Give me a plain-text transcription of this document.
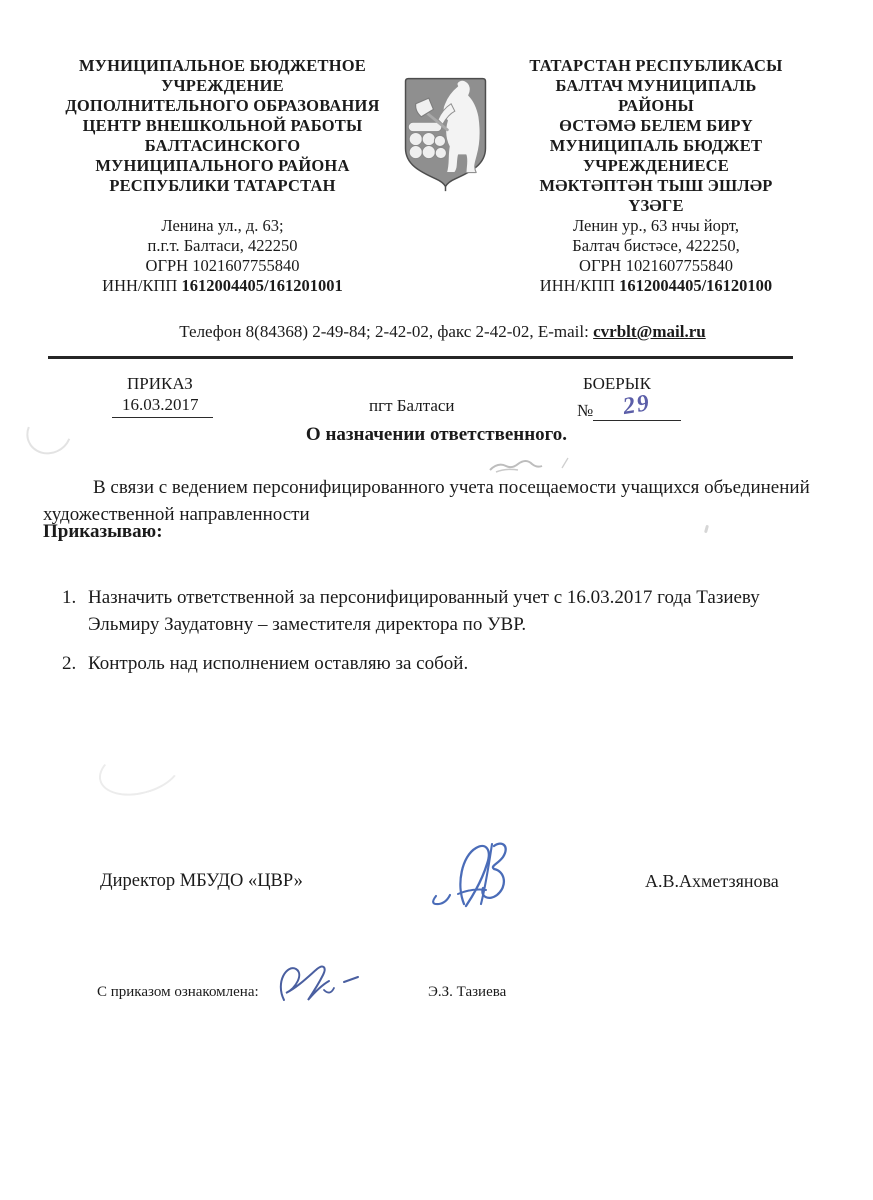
МУНИЦИПАЛЬНОЕ БЮДЖЕТНОЕ
УЧРЕЖДЕНИЕ
ДОПОЛНИТЕЛЬНОГО ОБРАЗОВАНИЯ
ЦЕНТР ВНЕШКОЛЬНОЙ РАБОТЫ
БАЛТАСИНСКОГО
МУНИЦИПАЛЬНОГО РАЙОНА
РЕСПУБЛИКИ ТАТАРСТАН
Ленина ул., д. 63;
п.г.т. Балтаси, 422250
ОГРН 1021607755840
ИНН/КПП 1612004405/161201001
ТАТАРСТАН РЕСПУБЛИКАСЫ
БАЛТАЧ МУНИЦИПАЛЬ
РАЙОНЫ
ӨСТӘМӘ БЕЛЕМ БИРҮ
МУНИЦИПАЛЬ БЮДЖЕТ
УЧРЕЖДЕНИЕСЕ
МӘКТӘПТӘН ТЫШ ЭШЛӘР
ҮЗӘГЕ
Ленин ур., 63 нчы йорт,
Балтач бистәсе, 422250,
ОГРН 1021607755840
ИНН/КПП 1612004405/16120100
Телефон 8(84368) 2-49-84; 2-42-02, факс 2-42-02, E-mail: cvrblt@mail.ru
ПРИКАЗ
16.03.2017	пгт Балтаси
БОЕРЫК
№ 29
О назначении ответственного.

В связи с ведением персонифицированного учета посещаемости учащихся объединений художественной направленности

Приказываю:

1. Назначить ответственной за персонифицированный учет с 16.03.2017 года Тазиеву Эльмиру Заудатовну – заместителя директора по УВР.
2. Контроль над исполнением оставляю за собой.
Директор МБУДО «ЦВР»	А.В.Ахметзянова
С приказом ознакомлена:	Э.З. Тазиева
